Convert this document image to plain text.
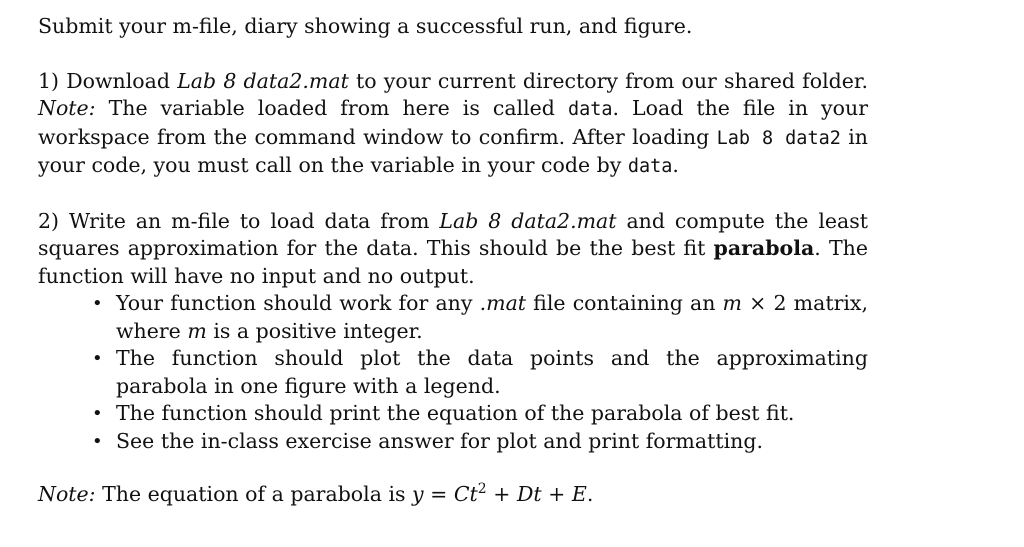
Submit your m-file, diary showing a successful run, and figure.

1) Download Lab 8 data2.mat to your current directory from our shared folder. Note: The variable loaded from here is called data. Load the file in your workspace from the command window to confirm. After loading Lab 8 data2 in your code, you must call on the variable in your code by data.

2) Write an m-file to load data from Lab 8 data2.mat and compute the least squares approximation for the data. This should be the best fit parabola. The function will have no input and no output.

• Your function should work for any .mat file containing an m × 2 matrix, where m is a positive integer.
• The function should plot the data points and the approximating parabola in one figure with a legend.
• The function should print the equation of the parabola of best fit.
• See the in-class exercise answer for plot and print formatting.

Note: The equation of a parabola is $y = Ct^2 + Dt + E$.
